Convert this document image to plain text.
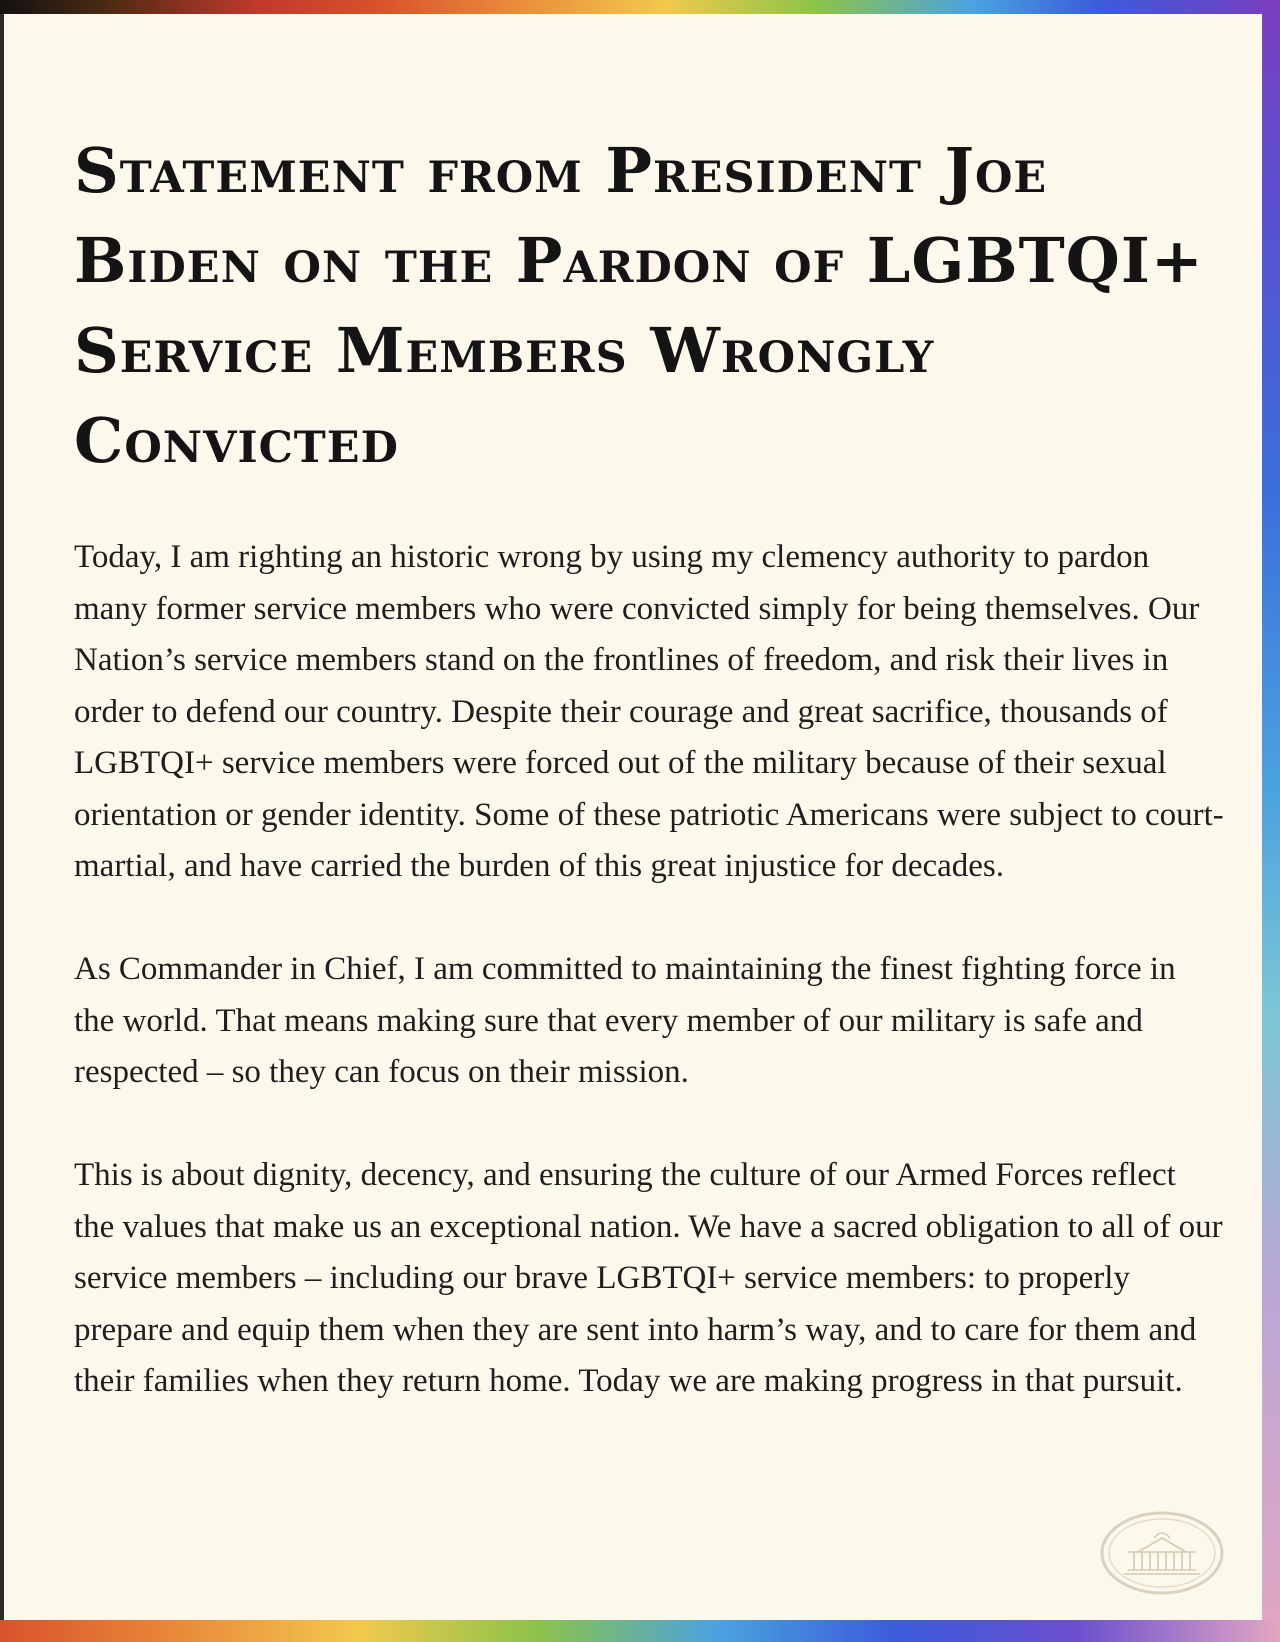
Statement from President Joe Biden on the Pardon of LGBTQI+ Service Members Wrongly Convicted

Today, I am righting an historic wrong by using my clemency authority to pardon many former service members who were convicted simply for being themselves. Our Nation’s service members stand on the frontlines of freedom, and risk their lives in order to defend our country. Despite their courage and great sacrifice, thousands of LGBTQI+ service members were forced out of the military because of their sexual orientation or gender identity. Some of these patriotic Americans were subject to court-martial, and have carried the burden of this great injustice for decades.

As Commander in Chief, I am committed to maintaining the finest fighting force in the world. That means making sure that every member of our military is safe and respected – so they can focus on their mission.

This is about dignity, decency, and ensuring the culture of our Armed Forces reflect the values that make us an exceptional nation. We have a sacred obligation to all of our service members – including our brave LGBTQI+ service members: to properly prepare and equip them when they are sent into harm’s way, and to care for them and their families when they return home. Today we are making progress in that pursuit.
